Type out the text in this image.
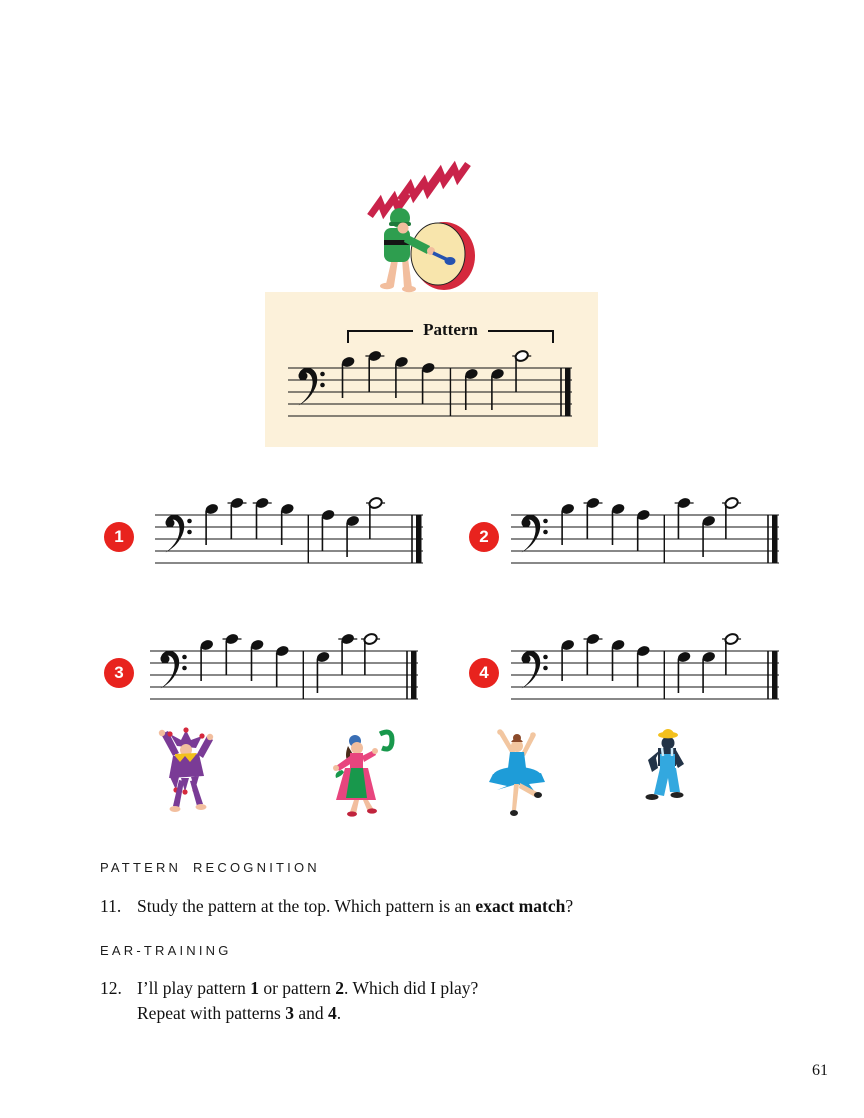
Pattern
1	2
3	4
PATTERN RECOGNITION
11. Study the pattern at the top. Which pattern is an exact match?
EAR-TRAINING
12. I’ll play pattern 1 or pattern 2. Which did I play?
Repeat with patterns 3 and 4.
61
